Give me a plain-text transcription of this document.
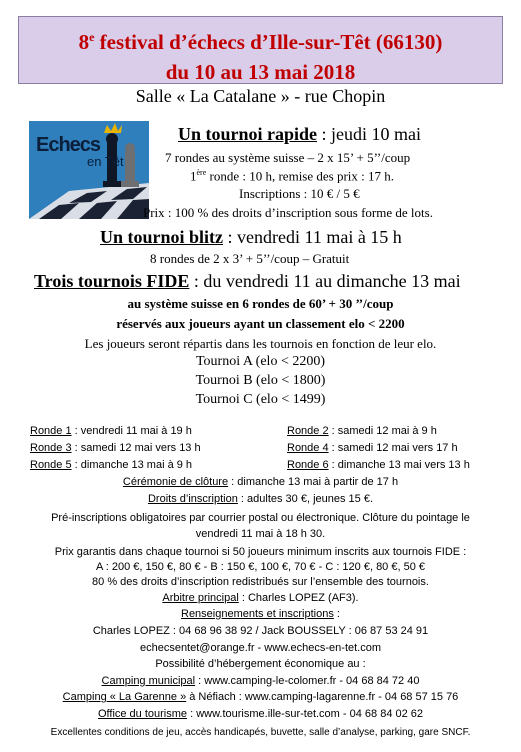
8e festival d’échecs d’Ille-sur-Têt (66130)
du 10 au 13 mai 2018
Salle « La Catalane » - rue Chopin
Echecs
en Têt
Un tournoi rapide : jeudi 10 mai
7 rondes au système suisse – 2 x 15’ + 5’’/coup
1ère ronde : 10 h, remise des prix : 17 h.
Inscriptions : 10 € / 5 €
Prix : 100 % des droits d’inscription sous forme de lots.
Un tournoi blitz : vendredi 11 mai à 15 h
8 rondes de 2 x 3’ + 5’’/coup – Gratuit
Trois tournois FIDE : du vendredi 11 au dimanche 13 mai
au système suisse en 6 rondes de 60’ + 30 ’’/coup
réservés aux joueurs ayant un classement elo < 2200
Les joueurs seront répartis dans les tournois en fonction de leur elo.
Tournoi A (elo < 2200)
Tournoi B (elo < 1800)
Tournoi C (elo < 1499)
Ronde 1 : vendredi 11 mai à 19 h	Ronde 2 : samedi 12 mai à 9 h
Ronde 3 : samedi 12 mai vers 13 h	Ronde 4 : samedi 12 mai vers 17 h
Ronde 5 : dimanche 13 mai à 9 h	Ronde 6 : dimanche 13 mai vers 13 h
Cérémonie de clôture : dimanche 13 mai à partir de 17 h
Droits d’inscription : adultes 30 €, jeunes 15 €.
Pré-inscriptions obligatoires par courrier postal ou électronique. Clôture du pointage le
vendredi 11 mai à 18 h 30.
Prix garantis dans chaque tournoi si 50 joueurs minimum inscrits aux tournois FIDE :
A : 200 €, 150 €, 80 € - B : 150 €, 100 €, 70 € - C : 120 €, 80 €, 50 €
80 % des droits d’inscription redistribués sur l’ensemble des tournois.
Arbitre principal : Charles LOPEZ (AF3).
Renseignements et inscriptions :
Charles LOPEZ : 04 68 96 38 92 / Jack BOUSSELY : 06 87 53 24 91
echecsentet@orange.fr - www.echecs-en-tet.com
Possibilité d’hébergement économique au :
Camping municipal : www.camping-le-colomer.fr - 04 68 84 72 40
Camping « La Garenne » à Néfiach : www.camping-lagarenne.fr - 04 68 57 15 76
Office du tourisme : www.tourisme.ille-sur-tet.com - 04 68 84 02 62
Excellentes conditions de jeu, accès handicapés, buvette, salle d’analyse, parking, gare SNCF.
